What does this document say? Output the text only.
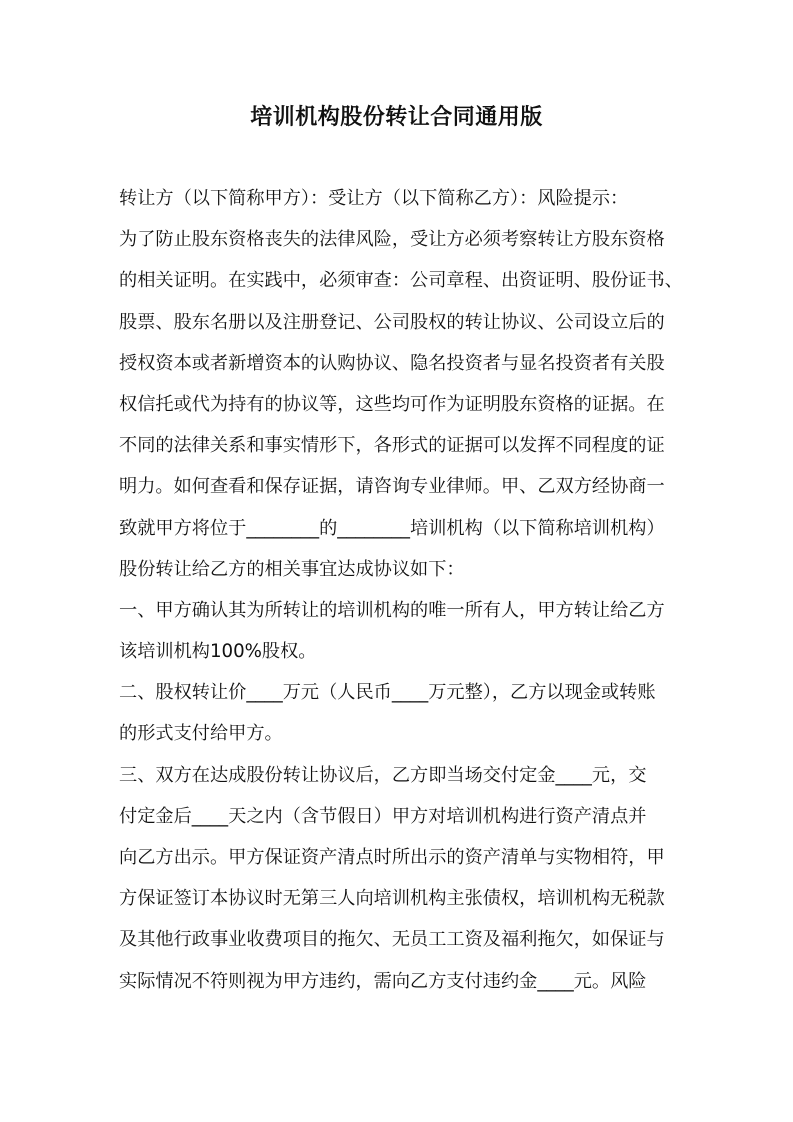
培训机构股份转让合同通用版

转让方（以下简称甲方）：受让方（以下简称乙方）：风险提示：

为了防止股东资格丧失的法律风险，受让方必须考察转让方股东资格

的相关证明。在实践中，必须审查：公司章程、出资证明、股份证书、

股票、股东名册以及注册登记、公司股权的转让协议、公司设立后的

授权资本或者新增资本的认购协议、隐名投资者与显名投资者有关股

权信托或代为持有的协议等，这些均可作为证明股东资格的证据。在

不同的法律关系和事实情形下，各形式的证据可以发挥不同程度的证

明力。如何查看和保存证据，请咨询专业律师。甲、乙双方经协商一

致就甲方将位于________的________培训机构（以下简称培训机构）

股份转让给乙方的相关事宜达成协议如下：

一、甲方确认其为所转让的培训机构的唯一所有人，甲方转让给乙方

该培训机构100%股权。

二、股权转让价____万元（人民币____万元整），乙方以现金或转账

的形式支付给甲方。

三、双方在达成股份转让协议后，乙方即当场交付定金____元，交

付定金后____天之内（含节假日）甲方对培训机构进行资产清点并

向乙方出示。甲方保证资产清点时所出示的资产清单与实物相符，甲

方保证签订本协议时无第三人向培训机构主张债权，培训机构无税款

及其他行政事业收费项目的拖欠、无员工工资及福利拖欠，如保证与

实际情况不符则视为甲方违约，需向乙方支付违约金____元。风险
